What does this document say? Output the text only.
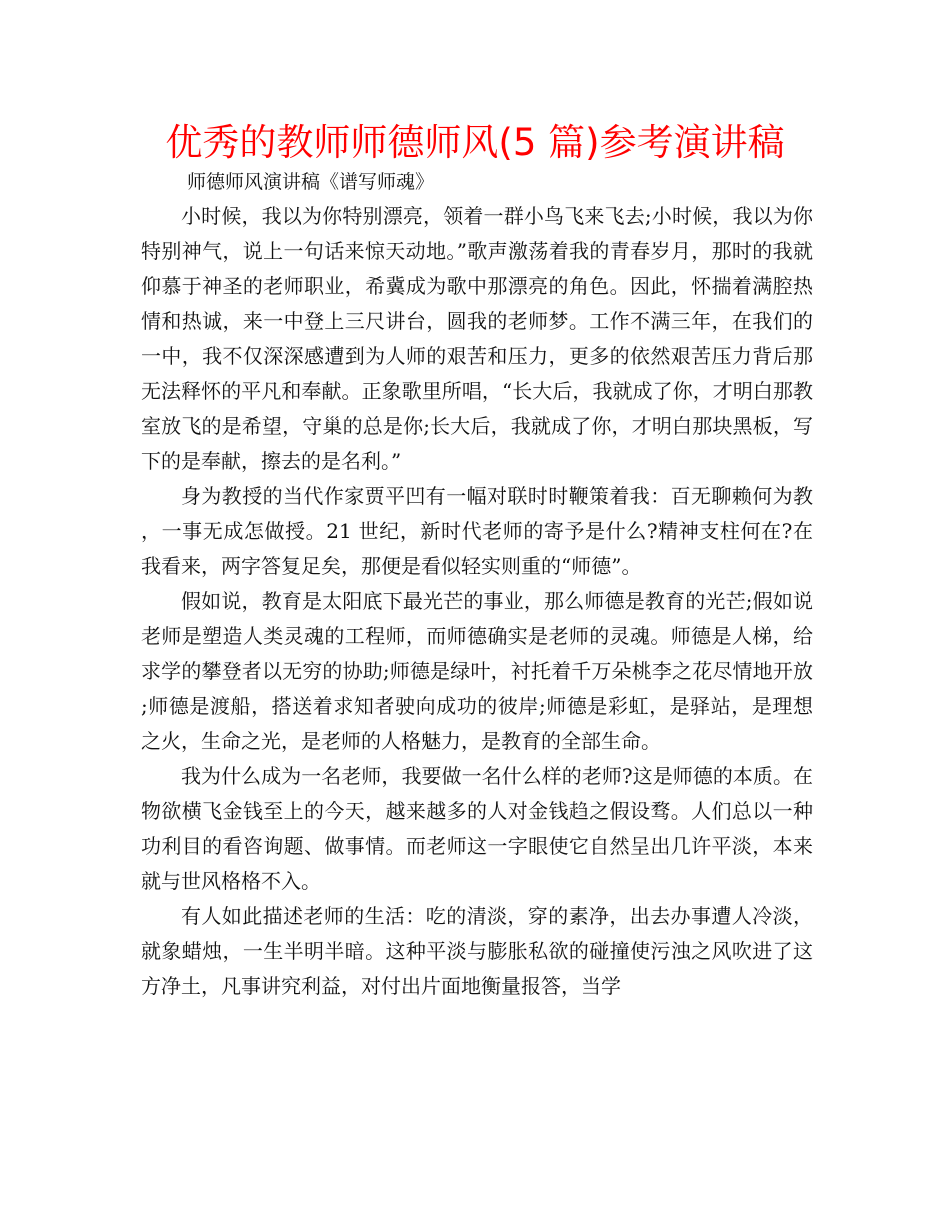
优秀的教师师德师风(5 篇)参考演讲稿
师德师风演讲稿《谱写师魂》

小时候，我以为你特别漂亮，领着一群小鸟飞来飞去;小时候，我以为你特别神气，说上一句话来惊天动地。”歌声激荡着我的青春岁月，那时的我就仰慕于神圣的老师职业，希冀成为歌中那漂亮的角色。因此，怀揣着满腔热情和热诚，来一中登上三尺讲台，圆我的老师梦。工作不满三年，在我们的一中，我不仅深深感遭到为人师的艰苦和压力，更多的依然艰苦压力背后那无法释怀的平凡和奉献。正象歌里所唱，“长大后，我就成了你，才明白那教室放飞的是希望，守巢的总是你;长大后，我就成了你，才明白那块黑板，写下的是奉献，擦去的是名利。”

身为教授的当代作家贾平凹有一幅对联时时鞭策着我：百无聊赖何为教，一事无成怎做授。21 世纪，新时代老师的寄予是什么?精神支柱何在?在我看来，两字答复足矣，那便是看似轻实则重的“师德”。

假如说，教育是太阳底下最光芒的事业，那么师德是教育的光芒;假如说老师是塑造人类灵魂的工程师，而师德确实是老师的灵魂。师德是人梯，给求学的攀登者以无穷的协助;师德是绿叶，衬托着千万朵桃李之花尽情地开放;师德是渡船，搭送着求知者驶向成功的彼岸;师德是彩虹，是驿站，是理想之火，生命之光，是老师的人格魅力，是教育的全部生命。

我为什么成为一名老师，我要做一名什么样的老师?这是师德的本质。在物欲横飞金钱至上的今天，越来越多的人对金钱趋之假设骛。人们总以一种功利目的看咨询题、做事情。而老师这一字眼使它自然呈出几许平淡，本来就与世风格格不入。

有人如此描述老师的生活：吃的清淡，穿的素净，出去办事遭人冷淡，就象蜡烛，一生半明半暗。这种平淡与膨胀私欲的碰撞使污浊之风吹进了这方净土，凡事讲究利益，对付出片面地衡量报答，当学
